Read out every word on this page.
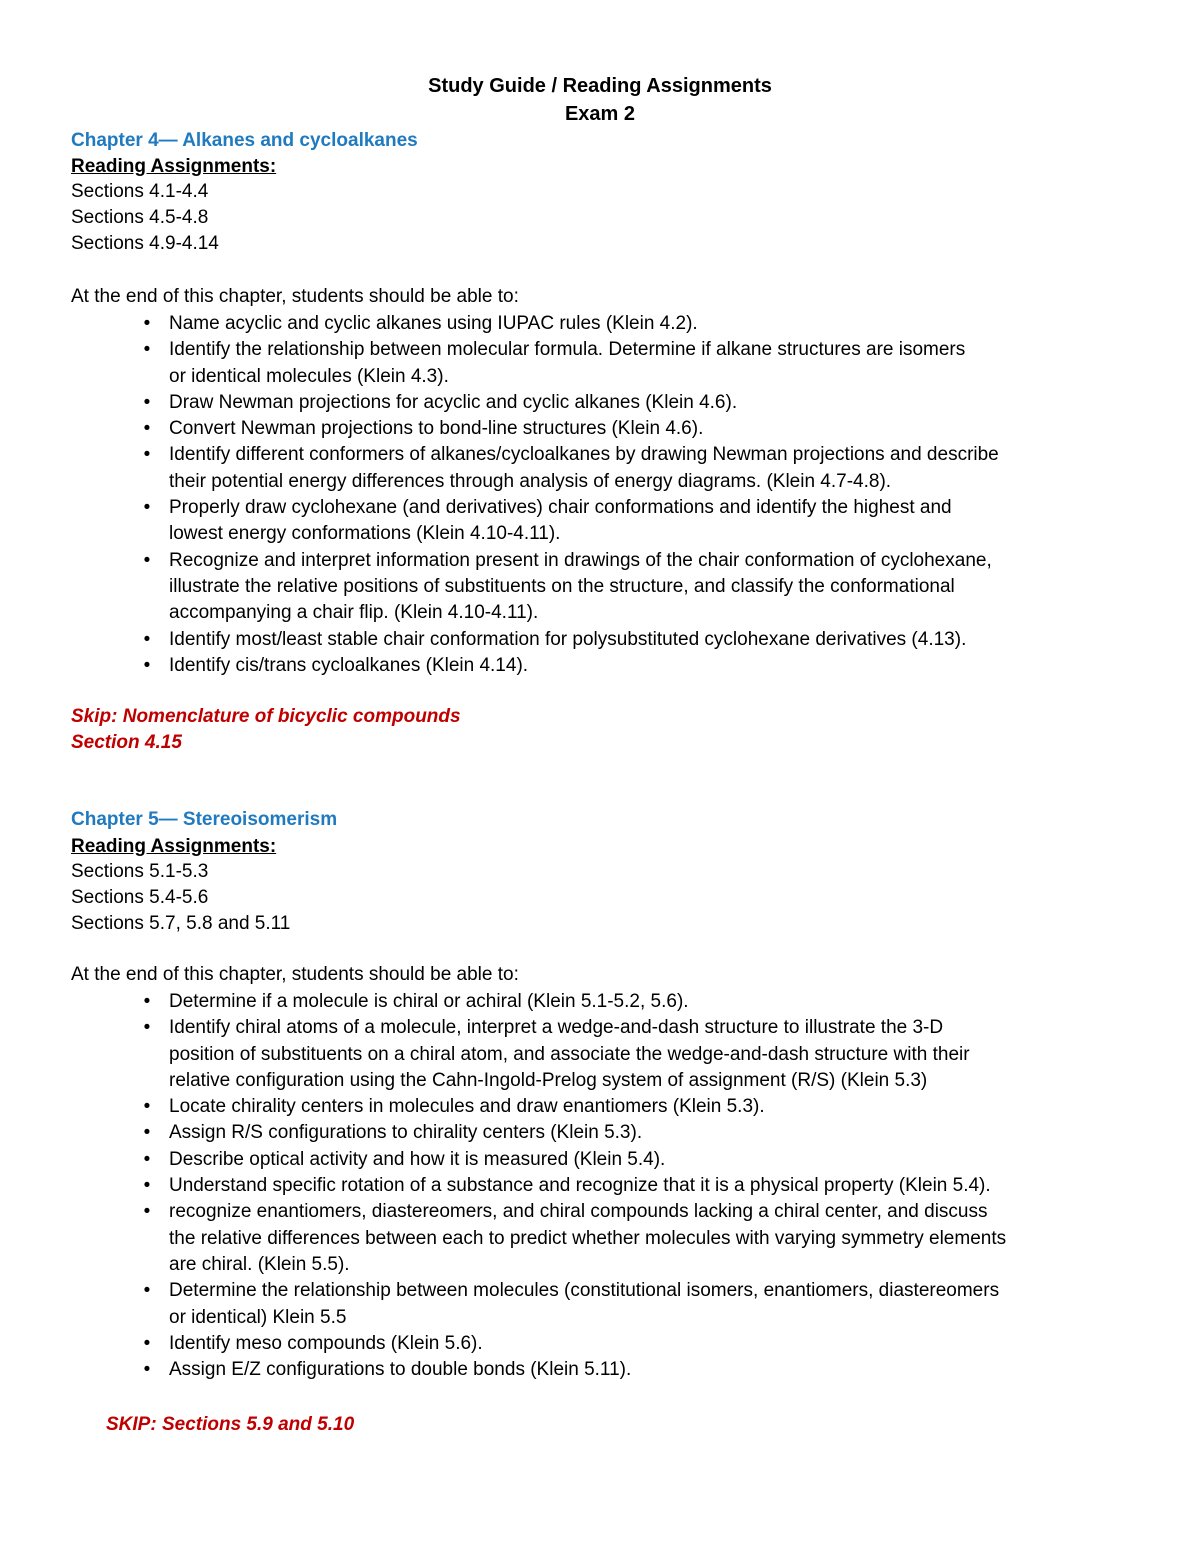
Study Guide / Reading Assignments
Exam 2
Chapter 4— Alkanes and cycloalkanes
Reading Assignments:
Sections 4.1-4.4
Sections 4.5-4.8
Sections 4.9-4.14
At the end of this chapter, students should be able to:
• Name acyclic and cyclic alkanes using IUPAC rules (Klein 4.2).
• Identify the relationship between molecular formula. Determine if alkane structures are isomers
or identical molecules (Klein 4.3).
• Draw Newman projections for acyclic and cyclic alkanes (Klein 4.6).
• Convert Newman projections to bond-line structures (Klein 4.6).
• Identify different conformers of alkanes/cycloalkanes by drawing Newman projections and describe
their potential energy differences through analysis of energy diagrams. (Klein 4.7-4.8).
• Properly draw cyclohexane (and derivatives) chair conformations and identify the highest and
lowest energy conformations (Klein 4.10-4.11).
• Recognize and interpret information present in drawings of the chair conformation of cyclohexane,
illustrate the relative positions of substituents on the structure, and classify the conformational
accompanying a chair flip. (Klein 4.10-4.11).
• Identify most/least stable chair conformation for polysubstituted cyclohexane derivatives (4.13).
• Identify cis/trans cycloalkanes (Klein 4.14).
Skip: Nomenclature of bicyclic compounds
Section 4.15
Chapter 5— Stereoisomerism
Reading Assignments:
Sections 5.1-5.3
Sections 5.4-5.6
Sections 5.7, 5.8 and 5.11
At the end of this chapter, students should be able to:
• Determine if a molecule is chiral or achiral (Klein 5.1-5.2, 5.6).
• Identify chiral atoms of a molecule, interpret a wedge-and-dash structure to illustrate the 3-D
position of substituents on a chiral atom, and associate the wedge-and-dash structure with their
relative configuration using the Cahn-Ingold-Prelog system of assignment (R/S) (Klein 5.3)
• Locate chirality centers in molecules and draw enantiomers (Klein 5.3).
• Assign R/S configurations to chirality centers (Klein 5.3).
• Describe optical activity and how it is measured (Klein 5.4).
• Understand specific rotation of a substance and recognize that it is a physical property (Klein 5.4).
• recognize enantiomers, diastereomers, and chiral compounds lacking a chiral center, and discuss
the relative differences between each to predict whether molecules with varying symmetry elements
are chiral. (Klein 5.5).
• Determine the relationship between molecules (constitutional isomers, enantiomers, diastereomers
or identical) Klein 5.5
• Identify meso compounds (Klein 5.6).
• Assign E/Z configurations to double bonds (Klein 5.11).
SKIP: Sections 5.9 and 5.10
